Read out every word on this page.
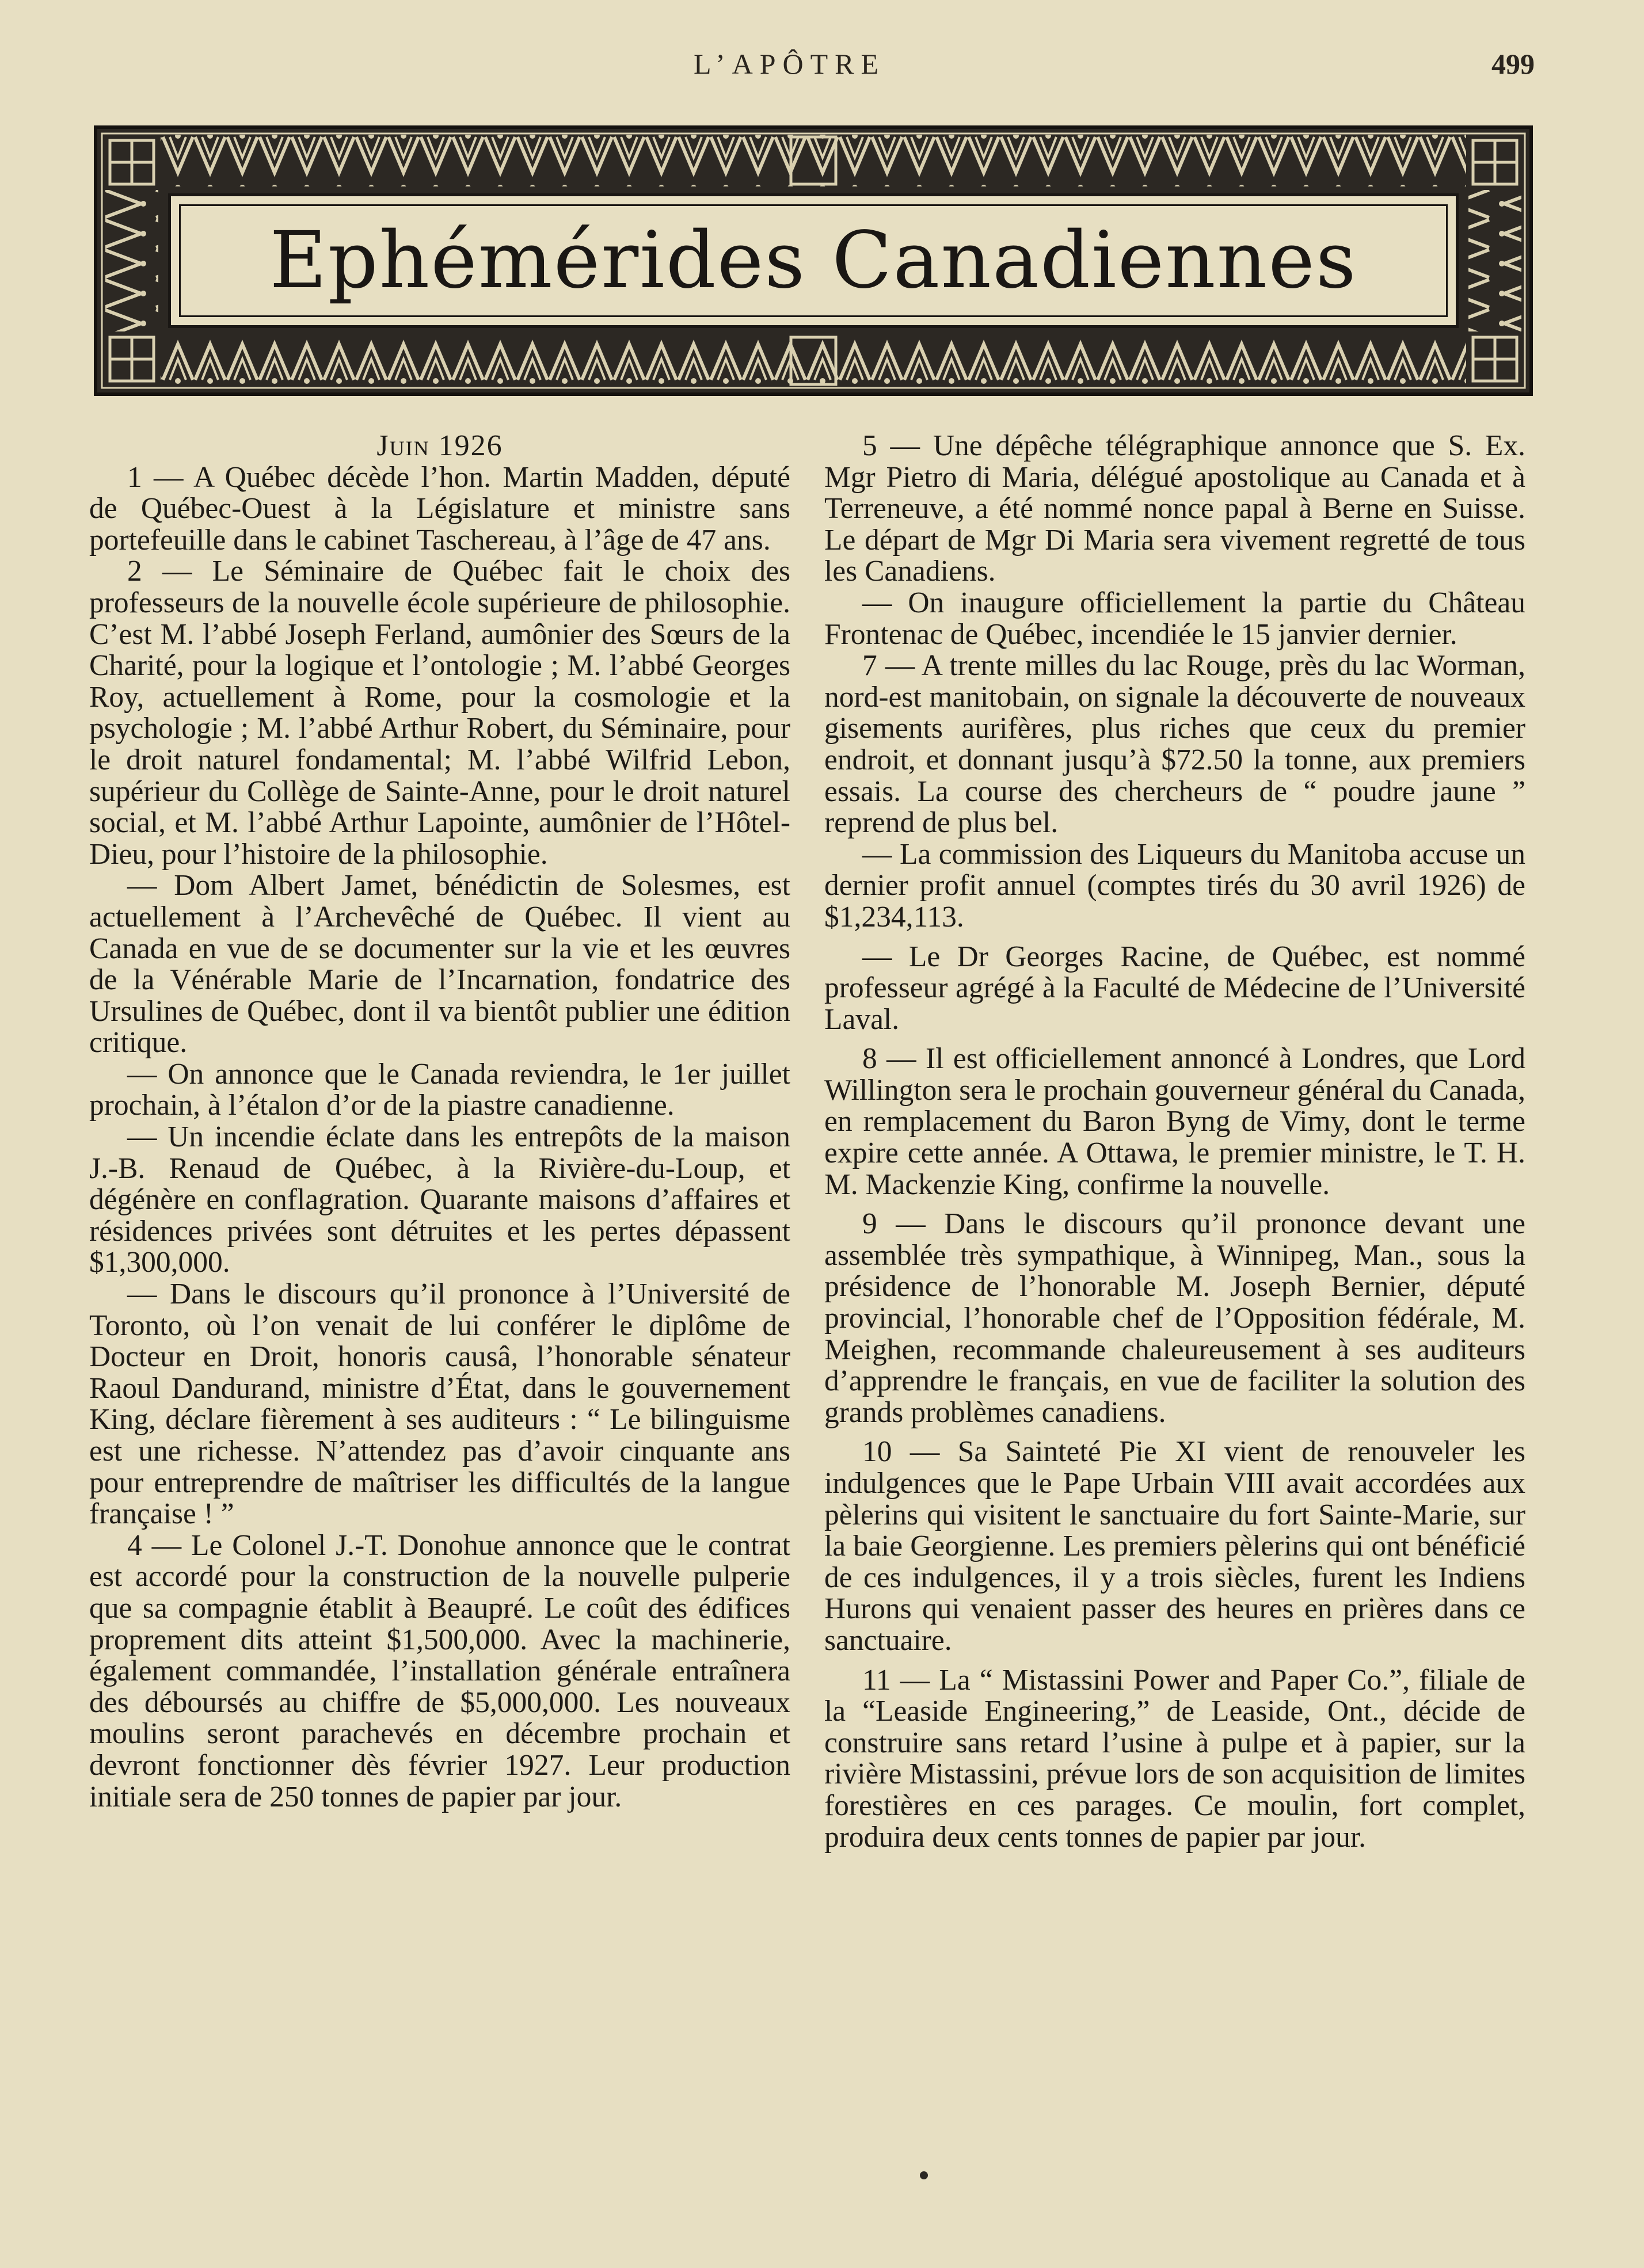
L’APÔTRE	499
Ephémérides Canadiennes

Juin 1926

1 — A Québec décède l’hon. Martin Madden, député de Québec-Ouest à la Législature et ministre sans portefeuille dans le cabinet Taschereau, à l’âge de 47 ans.

2 — Le Séminaire de Québec fait le choix des professeurs de la nouvelle école supérieure de philosophie. C’est M. l’abbé Joseph Ferland, aumônier des Sœurs de la Charité, pour la logique et l’ontologie ; M. l’abbé Georges Roy, actuellement à Rome, pour la cosmologie et la psychologie ; M. l’abbé Arthur Robert, du Séminaire, pour le droit naturel fondamental; M. l’abbé Wilfrid Lebon, supérieur du Collège de Sainte-Anne, pour le droit naturel social, et M. l’abbé Arthur Lapointe, aumônier de l’Hôtel-Dieu, pour l’histoire de la philosophie.

— Dom Albert Jamet, bénédictin de Solesmes, est actuellement à l’Archevêché de Québec. Il vient au Canada en vue de se documenter sur la vie et les œuvres de la Vénérable Marie de l’Incarnation, fondatrice des Ursulines de Québec, dont il va bientôt publier une édition critique.

— On annonce que le Canada reviendra, le 1er juillet prochain, à l’étalon d’or de la piastre canadienne.

— Un incendie éclate dans les entrepôts de la maison J.-B. Renaud de Québec, à la Rivière-du-Loup, et dégénère en conflagration. Quarante maisons d’affaires et résidences privées sont détruites et les pertes dépassent $1,300,000.

— Dans le discours qu’il prononce à l’Université de Toronto, où l’on venait de lui conférer le diplôme de Docteur en Droit, honoris causâ, l’honorable sénateur Raoul Dandurand, ministre d’État, dans le gouvernement King, déclare fièrement à ses auditeurs : “ Le bilinguisme est une richesse. N’attendez pas d’avoir cinquante ans pour entreprendre de maîtriser les difficultés de la langue française ! ”

4 — Le Colonel J.-T. Donohue annonce que le contrat est accordé pour la construction de la nouvelle pulperie que sa compagnie établit à Beaupré. Le coût des édifices proprement dits atteint $1,500,000. Avec la machinerie, également commandée, l’installation générale entraînera des déboursés au chiffre de $5,000,000. Les nouveaux moulins seront parachevés en décembre prochain et devront fonctionner dès février 1927. Leur production initiale sera de 250 tonnes de papier par jour.

5 — Une dépêche télégraphique annonce que S. Ex. Mgr Pietro di Maria, délégué apostolique au Canada et à Terreneuve, a été nommé nonce papal à Berne en Suisse. Le départ de Mgr Di Maria sera vivement regretté de tous les Canadiens.

— On inaugure officiellement la partie du Château Frontenac de Québec, incendiée le 15 janvier dernier.

7 — A trente milles du lac Rouge, près du lac Worman, nord-est manitobain, on signale la découverte de nouveaux gisements aurifères, plus riches que ceux du premier endroit, et donnant jusqu’à $72.50 la tonne, aux premiers essais. La course des chercheurs de “ poudre jaune ” reprend de plus bel.

— La commission des Liqueurs du Manitoba accuse un dernier profit annuel (comptes tirés du 30 avril 1926) de $1,234,113.

— Le Dr Georges Racine, de Québec, est nommé professeur agrégé à la Faculté de Médecine de l’Université Laval.

8 — Il est officiellement annoncé à Londres, que Lord Willington sera le prochain gouverneur général du Canada, en remplacement du Baron Byng de Vimy, dont le terme expire cette année. A Ottawa, le premier ministre, le T. H. M. Mackenzie King, confirme la nouvelle.

9 — Dans le discours qu’il prononce devant une assemblée très sympathique, à Winnipeg, Man., sous la présidence de l’honorable M. Joseph Bernier, député provincial, l’honorable chef de l’Opposition fédérale, M. Meighen, recommande chaleureusement à ses auditeurs d’apprendre le français, en vue de faciliter la solution des grands problèmes canadiens.

10 — Sa Sainteté Pie XI vient de renouveler les indulgences que le Pape Urbain VIII avait accordées aux pèlerins qui visitent le sanctuaire du fort Sainte-Marie, sur la baie Georgienne. Les premiers pèlerins qui ont bénéficié de ces indulgences, il y a trois siècles, furent les Indiens Hurons qui venaient passer des heures en prières dans ce sanctuaire.

11 — La “ Mistassini Power and Paper Co.”, filiale de la “Leaside Engineering,” de Leaside, Ont., décide de construire sans retard l’usine à pulpe et à papier, sur la rivière Mistassini, prévue lors de son acquisition de limites forestières en ces parages. Ce moulin, fort complet, produira deux cents tonnes de papier par jour.
